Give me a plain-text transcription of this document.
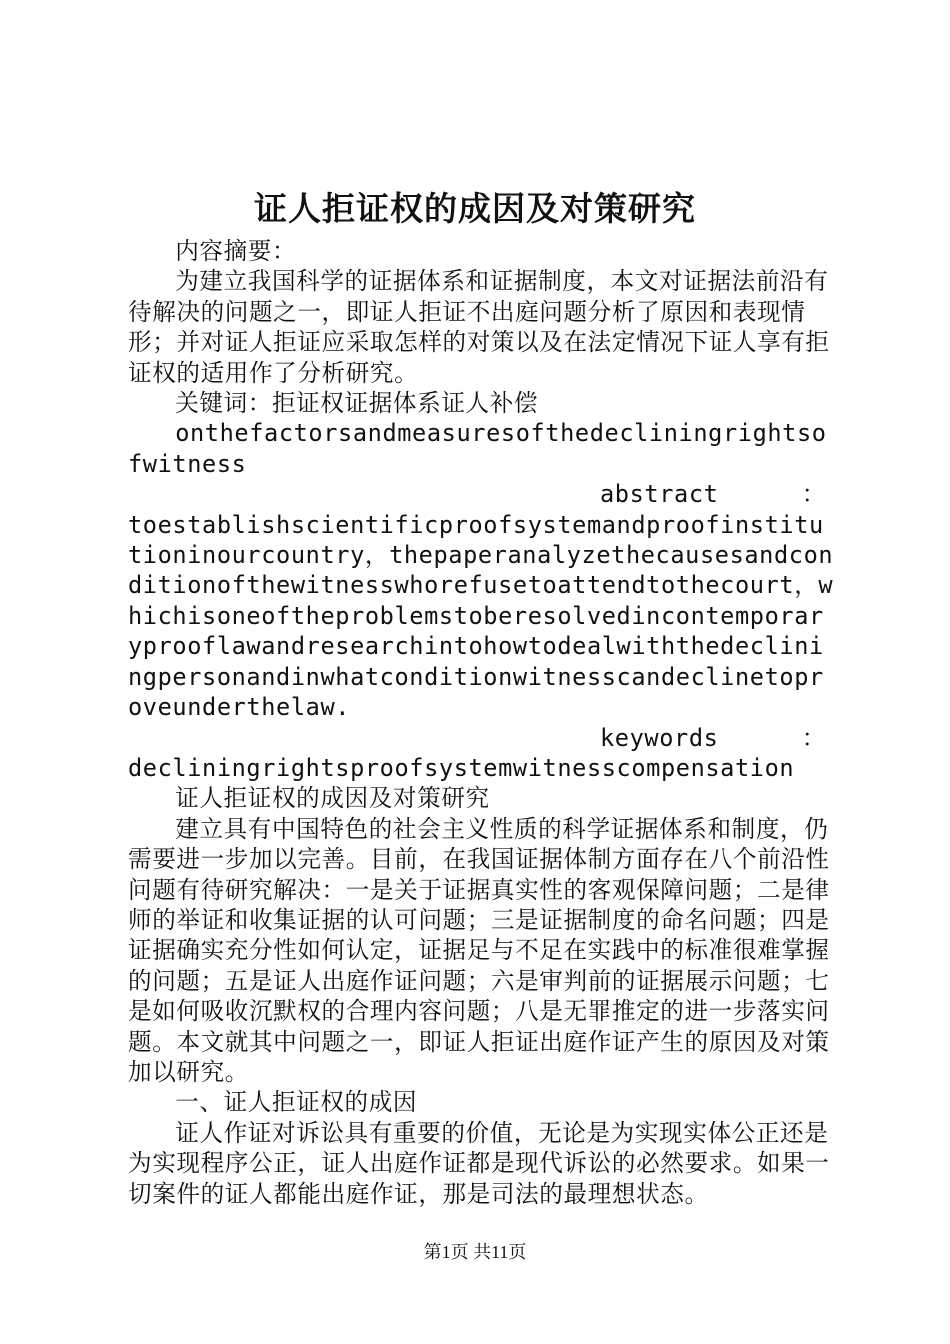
证人拒证权的成因及对策研究

内容摘要：

为建立我国科学的证据体系和证据制度，本文对证据法前沿有待解决的问题之一，即证人拒证不出庭问题分析了原因和表现情形；并对证人拒证应采取怎样的对策以及在法定情况下证人享有拒证权的适用作了分析研究。

关键词：拒证权证据体系证人补偿

onthefactorsandmeasuresofthedecliningrightsofwitness

abstract	：
toestablishscientificproofsystemandproofinstitutioninourcountry，thepaperanalyzethecausesandconditionofthewitnesswhorefusetoattendtothecourt，whichisoneoftheproblemstoberesolvedincontemporaryprooflawandresearchintohowtodealwiththedecliningpersonandinwhatconditionwitnesscandeclinetoproveunderthelaw.
keywords	：
decliningrightsproofsystemwitnesscompensation

证人拒证权的成因及对策研究

建立具有中国特色的社会主义性质的科学证据体系和制度，仍需要进一步加以完善。目前，在我国证据体制方面存在八个前沿性问题有待研究解决：一是关于证据真实性的客观保障问题；二是律师的举证和收集证据的认可问题；三是证据制度的命名问题；四是证据确实充分性如何认定，证据足与不足在实践中的标准很难掌握的问题；五是证人出庭作证问题；六是审判前的证据展示问题；七是如何吸收沉默权的合理内容问题；八是无罪推定的进一步落实问题。本文就其中问题之一，即证人拒证出庭作证产生的原因及对策加以研究。

一、证人拒证权的成因

证人作证对诉讼具有重要的价值，无论是为实现实体公正还是为实现程序公正，证人出庭作证都是现代诉讼的必然要求。如果一切案件的证人都能出庭作证，那是司法的最理想状态。

第1页 共11页
